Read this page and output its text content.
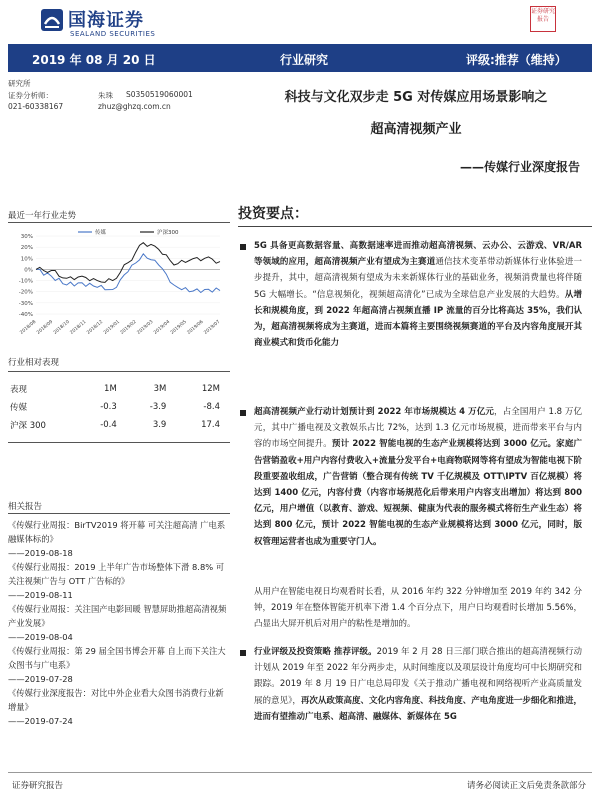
国海证券
SEALAND SECURITIES
证券研究报告
2019 年 08 月 20 日	行业研究	评级:推荐（维持）
研究所
证券分析师：	朱珠 S0350519060001
021-60338167	zhuz@ghzq.com.cn
最近一年行业走势
30%
20%
10%
0%
-10%
-20%
-30%
-40%
2018/08
2018/09
2018/10
2018/11
2018/12
2019/01
2019/02
2019/03
2019/04
2019/05
2019/06
2019/07
传媒	沪深300
行业相对表现
表现	1M	3M	12M
传媒	-0.3	-3.9	-8.4
沪深 300	-0.4	3.9	17.4
相关报告
《传媒行业周报：BirTV2019 将开幕 可关注超高清 广电系 融媒体标的》
——2019-08-18
《传媒行业周报：2019 上半年广告市场整体下滑 8.8% 可关注视频广告与 OTT 广告标的》
——2019-08-11
《传媒行业周报：关注国产电影回暖 智慧屏助推超高清视频产业发展》
——2019-08-04
《传媒行业周报：第 29 届全国书博会开幕 自上而下关注大众图书与广电系》
——2019-07-28
《传媒行业深度报告：对比中外企业看大众图书消费行业新增量》
——2019-07-24
科技与文化双步走 5G 对传媒应用场景影响之
超高清视频产业
——传媒行业深度报告
投资要点：
5G 具备更高数据容量、高数据速率进而推动超高清视频、云办公、云游戏、VR/AR 等领域的应用，超高清视频产业有望成为主赛道通信技术变革带动新媒体行业体验进一步提升，其中，超高清视频有望成为未来新媒体行业的基础业务，视频消费量也将伴随 5G 大幅增长。“信息视频化，视频超高清化”已成为全球信息产业发展的大趋势。从增长和规模角度，到 2022 年超高清占视频直播 IP 流量的百分比将高达 35%，我们认为，超高清视频将成为主赛道，进而本篇将主要围绕视频赛道的平台及内容角度展开其商业模式和货币化能力
超高清视频产业行动计划预计到 2022 年市场规模达 4 万亿元，占全国用户 1.8 万亿元，其中广播电视及文教娱乐占比 72%，达到 1.3 亿元市场规模，进而带来平台与内容的市场空间提升。预计 2022 智能电视的生态产业规模将达到 3000 亿元。家庭广告营销盈收+用户内容付费收入+流量分发平台+电商物联网等将有望成为智能电视下阶段重要盈收组成，广告营销（整合现有传统 TV 千亿规模及 OTT\IPTV 百亿规模）将达到 1400 亿元，内容付费（内容市场规范化后带来用户内容支出增加）将达到 800 亿元，用户增值（以教育、游戏、短视频、健康为代表的服务模式将衍生产业生态）将达到 800 亿元，预计 2022 智能电视的生态产业规模将达到 3000 亿元，同时，版权管理运营者也成为重要守门人。
从用户在智能电视日均观看时长看，从 2016 年约 322 分钟增加至 2019 年约 342 分钟，2019 年在整体智能开机率下滑 1.4 个百分点下，用户日均观看时长增加 5.56%，凸显出大屏开机后对用户的粘性是增加的。
行业评级及投资策略 推荐评级。2019 年 2 月 28 日三部门联合推出的超高清视频行动计划从 2019 年至 2022 年分两步走，从时间维度以及项层设计角度均可中长期研究和跟踪。2019 年 8 月 19 日广电总局印发《关于推动广播电视和网络视听产业高质量发展的意见》，再次从政策高度、文化内容角度、科技角度、产电角度进一步细化和推进，进而有望推动广电系、超高清、融媒体、新媒体在 5G
证券研究报告	请务必阅读正文后免责条款部分
